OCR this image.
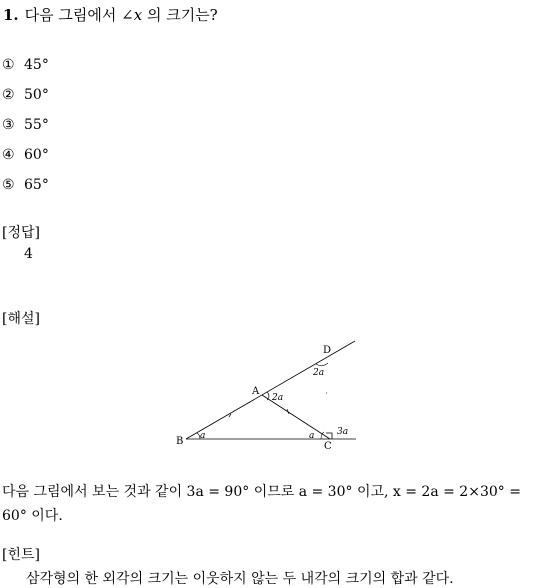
1. 다음 그림에서 ∠x 의 크기는?
① 45°
② 50°
③ 55°
④ 60°
⑤ 65°
[정답]
4
[해설]
D
A
B	C
2a
2a
a	a	3a
다음 그림에서 보는 것과 같이 3a = 90° 이므로 a = 30° 이고, x = 2a = 2×30° =
60° 이다.
[힌트]
삼각형의 한 외각의 크기는 이웃하지 않는 두 내각의 크기의 합과 같다.
